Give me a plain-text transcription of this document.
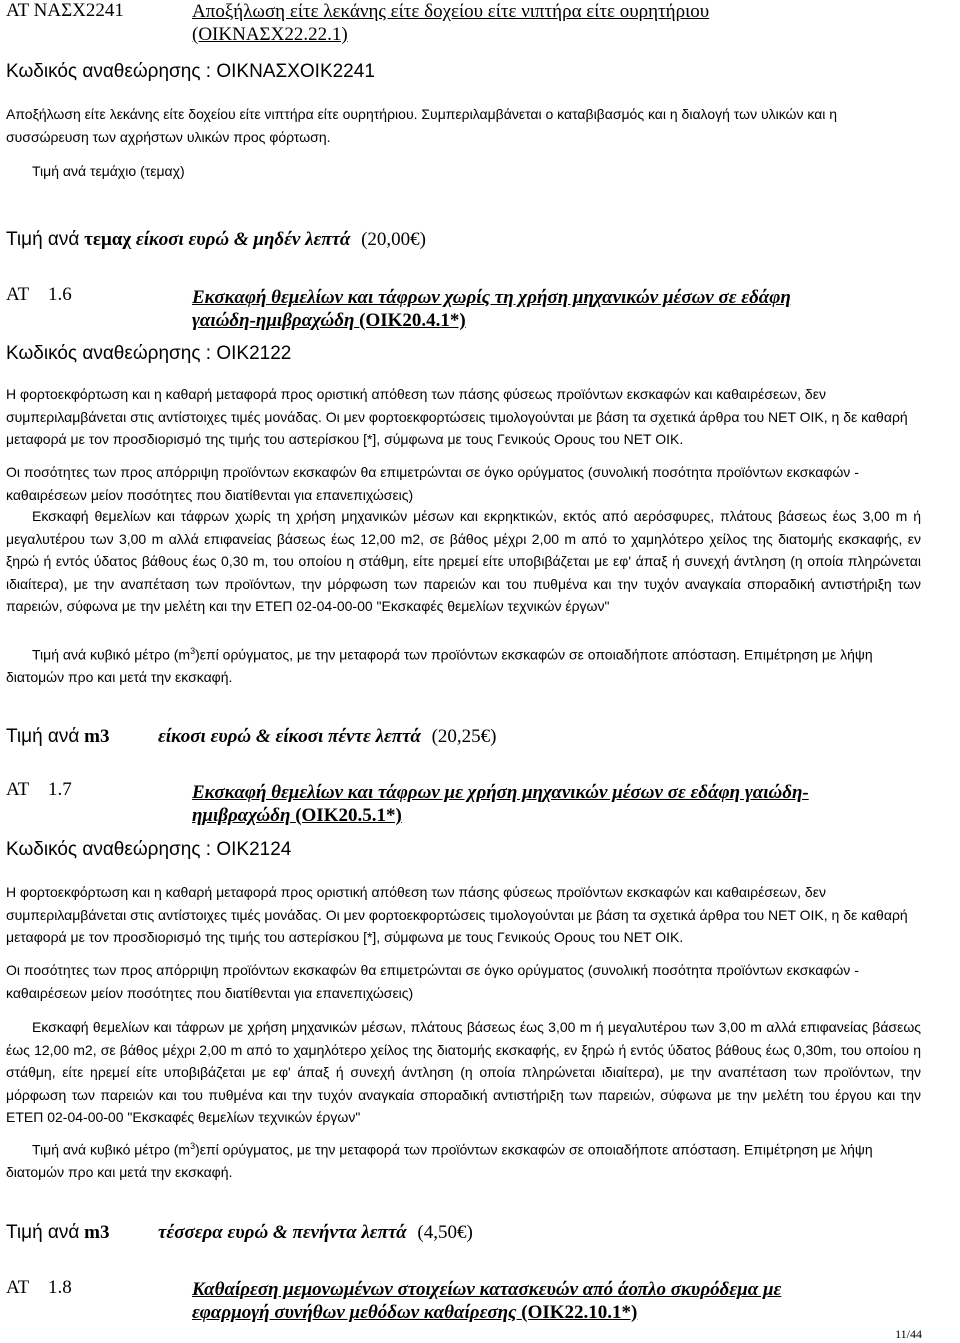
ΑΤ ΝΑΣΧ2241	Αποξήλωση είτε λεκάνης είτε δοχείου είτε νιπτήρα είτε ουρητήριου
(ΟΙΚΝΑΣΧ22.22.1)
Κωδικός αναθεώρησης : ΟΙΚΝΑΣΧΟΙΚ2241
Αποξήλωση είτε λεκάνης είτε δοχείου είτε νιπτήρα είτε ουρητήριου. Συμπεριλαμβάνεται ο καταβιβασμός και η διαλογή των υλικών και η συσσώρευση των αχρήστων υλικών προς φόρτωση.
Τιμή ανά τεμάχιο (τεμαχ)
Τιμή ανά τεμαχ είκοσι ευρώ & μηδέν λεπτά (20,00€)
ΑΤ 1.6	Εκσκαφή θεμελίων και τάφρων χωρίς τη χρήση μηχανικών μέσων σε εδάφη
γαιώδη-ημιβραχώδη (ΟΙΚ20.4.1*)
Κωδικός αναθεώρησης : ΟΙΚ2122
Η φορτοεκφόρτωση και η καθαρή μεταφορά προς οριστική απόθεση των πάσης φύσεως προϊόντων εκσκαφών και καθαιρέσεων, δεν συμπεριλαμβάνεται στις αντίστοιχες τιμές μονάδας. Οι μεν φορτοεκφορτώσεις τιμολογούνται με βάση τα σχετικά άρθρα του ΝΕΤ ΟΙΚ, η δε καθαρή μεταφορά με τον προσδιορισμό της τιμής του αστερίσκου [*], σύμφωνα με τους Γενικούς Ορους του ΝΕΤ ΟΙΚ.
Οι ποσότητες των προς απόρριψη προϊόντων εκσκαφών θα επιμετρώνται σε όγκο ορύγματος (συνολική ποσότητα προϊόντων εκσκαφών - καθαιρέσεων μείον ποσότητες που διατίθενται για επανεπιχώσεις)
Εκσκαφή θεμελίων και τάφρων χωρίς τη χρήση μηχανικών μέσων και εκρηκτικών, εκτός από αερόσφυρες, πλάτους βάσεως έως 3,00 m ή μεγαλυτέρου των 3,00 m αλλά επιφανείας βάσεως έως 12,00 m2, σε βάθος μέχρι 2,00 m από το χαμηλότερο χείλος της διατομής εκσκαφής, εν ξηρώ ή εντός ύδατος βάθους έως 0,30 m, του οποίου η στάθμη, είτε ηρεμεί είτε υποβιβάζεται με εφ' άπαξ ή συνεχή άντληση (η οποία πληρώνεται ιδιαίτερα), με την αναπέταση των προϊόντων, την μόρφωση των παρειών και του πυθμένα και την τυχόν αναγκαία σποραδική αντιστήριξη των παρειών, σύφωνα με την μελέτη και την ΕΤΕΠ 02-04-00-00 "Εκσκαφές θεμελίων τεχνικών έργων"
Τιμή ανά κυβικό μέτρο $(m^3)\varepsilon\pi ί$ ορύγματος, με την μεταφορά των προϊόντων εκσκαφών σε οποιαδήποτε απόσταση. Επιμέτρηση με λήψη διατομών προ και μετά την εκσκαφή.
Τιμή ανά m3	είκοσι ευρώ & είκοσι πέντε λεπτά (20,25€)
ΑΤ 1.7	Εκσκαφή θεμελίων και τάφρων με χρήση μηχανικών μέσων σε εδάφη γαιώδη-
ημιβραχώδη (ΟΙΚ20.5.1*)
Κωδικός αναθεώρησης : ΟΙΚ2124
Η φορτοεκφόρτωση και η καθαρή μεταφορά προς οριστική απόθεση των πάσης φύσεως προϊόντων εκσκαφών και καθαιρέσεων, δεν συμπεριλαμβάνεται στις αντίστοιχες τιμές μονάδας. Οι μεν φορτοεκφορτώσεις τιμολογούνται με βάση τα σχετικά άρθρα του ΝΕΤ ΟΙΚ, η δε καθαρή μεταφορά με τον προσδιορισμό της τιμής του αστερίσκου [*], σύμφωνα με τους Γενικούς Ορους του ΝΕΤ ΟΙΚ.
Οι ποσότητες των προς απόρριψη προϊόντων εκσκαφών θα επιμετρώνται σε όγκο ορύγματος (συνολική ποσότητα προϊόντων εκσκαφών - καθαιρέσεων μείον ποσότητες που διατίθενται για επανεπιχώσεις)
Εκσκαφή θεμελίων και τάφρων με χρήση μηχανικών μέσων, πλάτους βάσεως έως 3,00 m ή μεγαλυτέρου των 3,00 m αλλά επιφανείας βάσεως έως 12,00 m2, σε βάθος μέχρι 2,00 m από το χαμηλότερο χείλος της διατομής εκσκαφής, εν ξηρώ ή εντός ύδατος βάθους έως 0,30m, του οποίου η στάθμη, είτε ηρεμεί είτε υποβιβάζεται με εφ' άπαξ ή συνεχή άντληση (η οποία πληρώνεται ιδιαίτερα), με την αναπέταση των προϊόντων, την μόρφωση των παρειών και του πυθμένα και την τυχόν αναγκαία σποραδική αντιστήριξη των παρειών, σύφωνα με την μελέτη του έργου και την ΕΤΕΠ 02-04-00-00 "Εκσκαφές θεμελίων τεχνικών έργων"
Τιμή ανά κυβικό μέτρο $(m^3)\varepsilon\pi ί$ ορύγματος, με την μεταφορά των προϊόντων εκσκαφών σε οποιαδήποτε απόσταση. Επιμέτρηση με λήψη διατομών προ και μετά την εκσκαφή.
Τιμή ανά m3	τέσσερα ευρώ & πενήντα λεπτά (4,50€)
ΑΤ 1.8	Καθαίρεση μεμονωμένων στοιχείων κατασκευών από άοπλο σκυρόδεμα με
εφαρμογή συνήθων μεθόδων καθαίρεσης (ΟΙΚ22.10.1*)
11/44
